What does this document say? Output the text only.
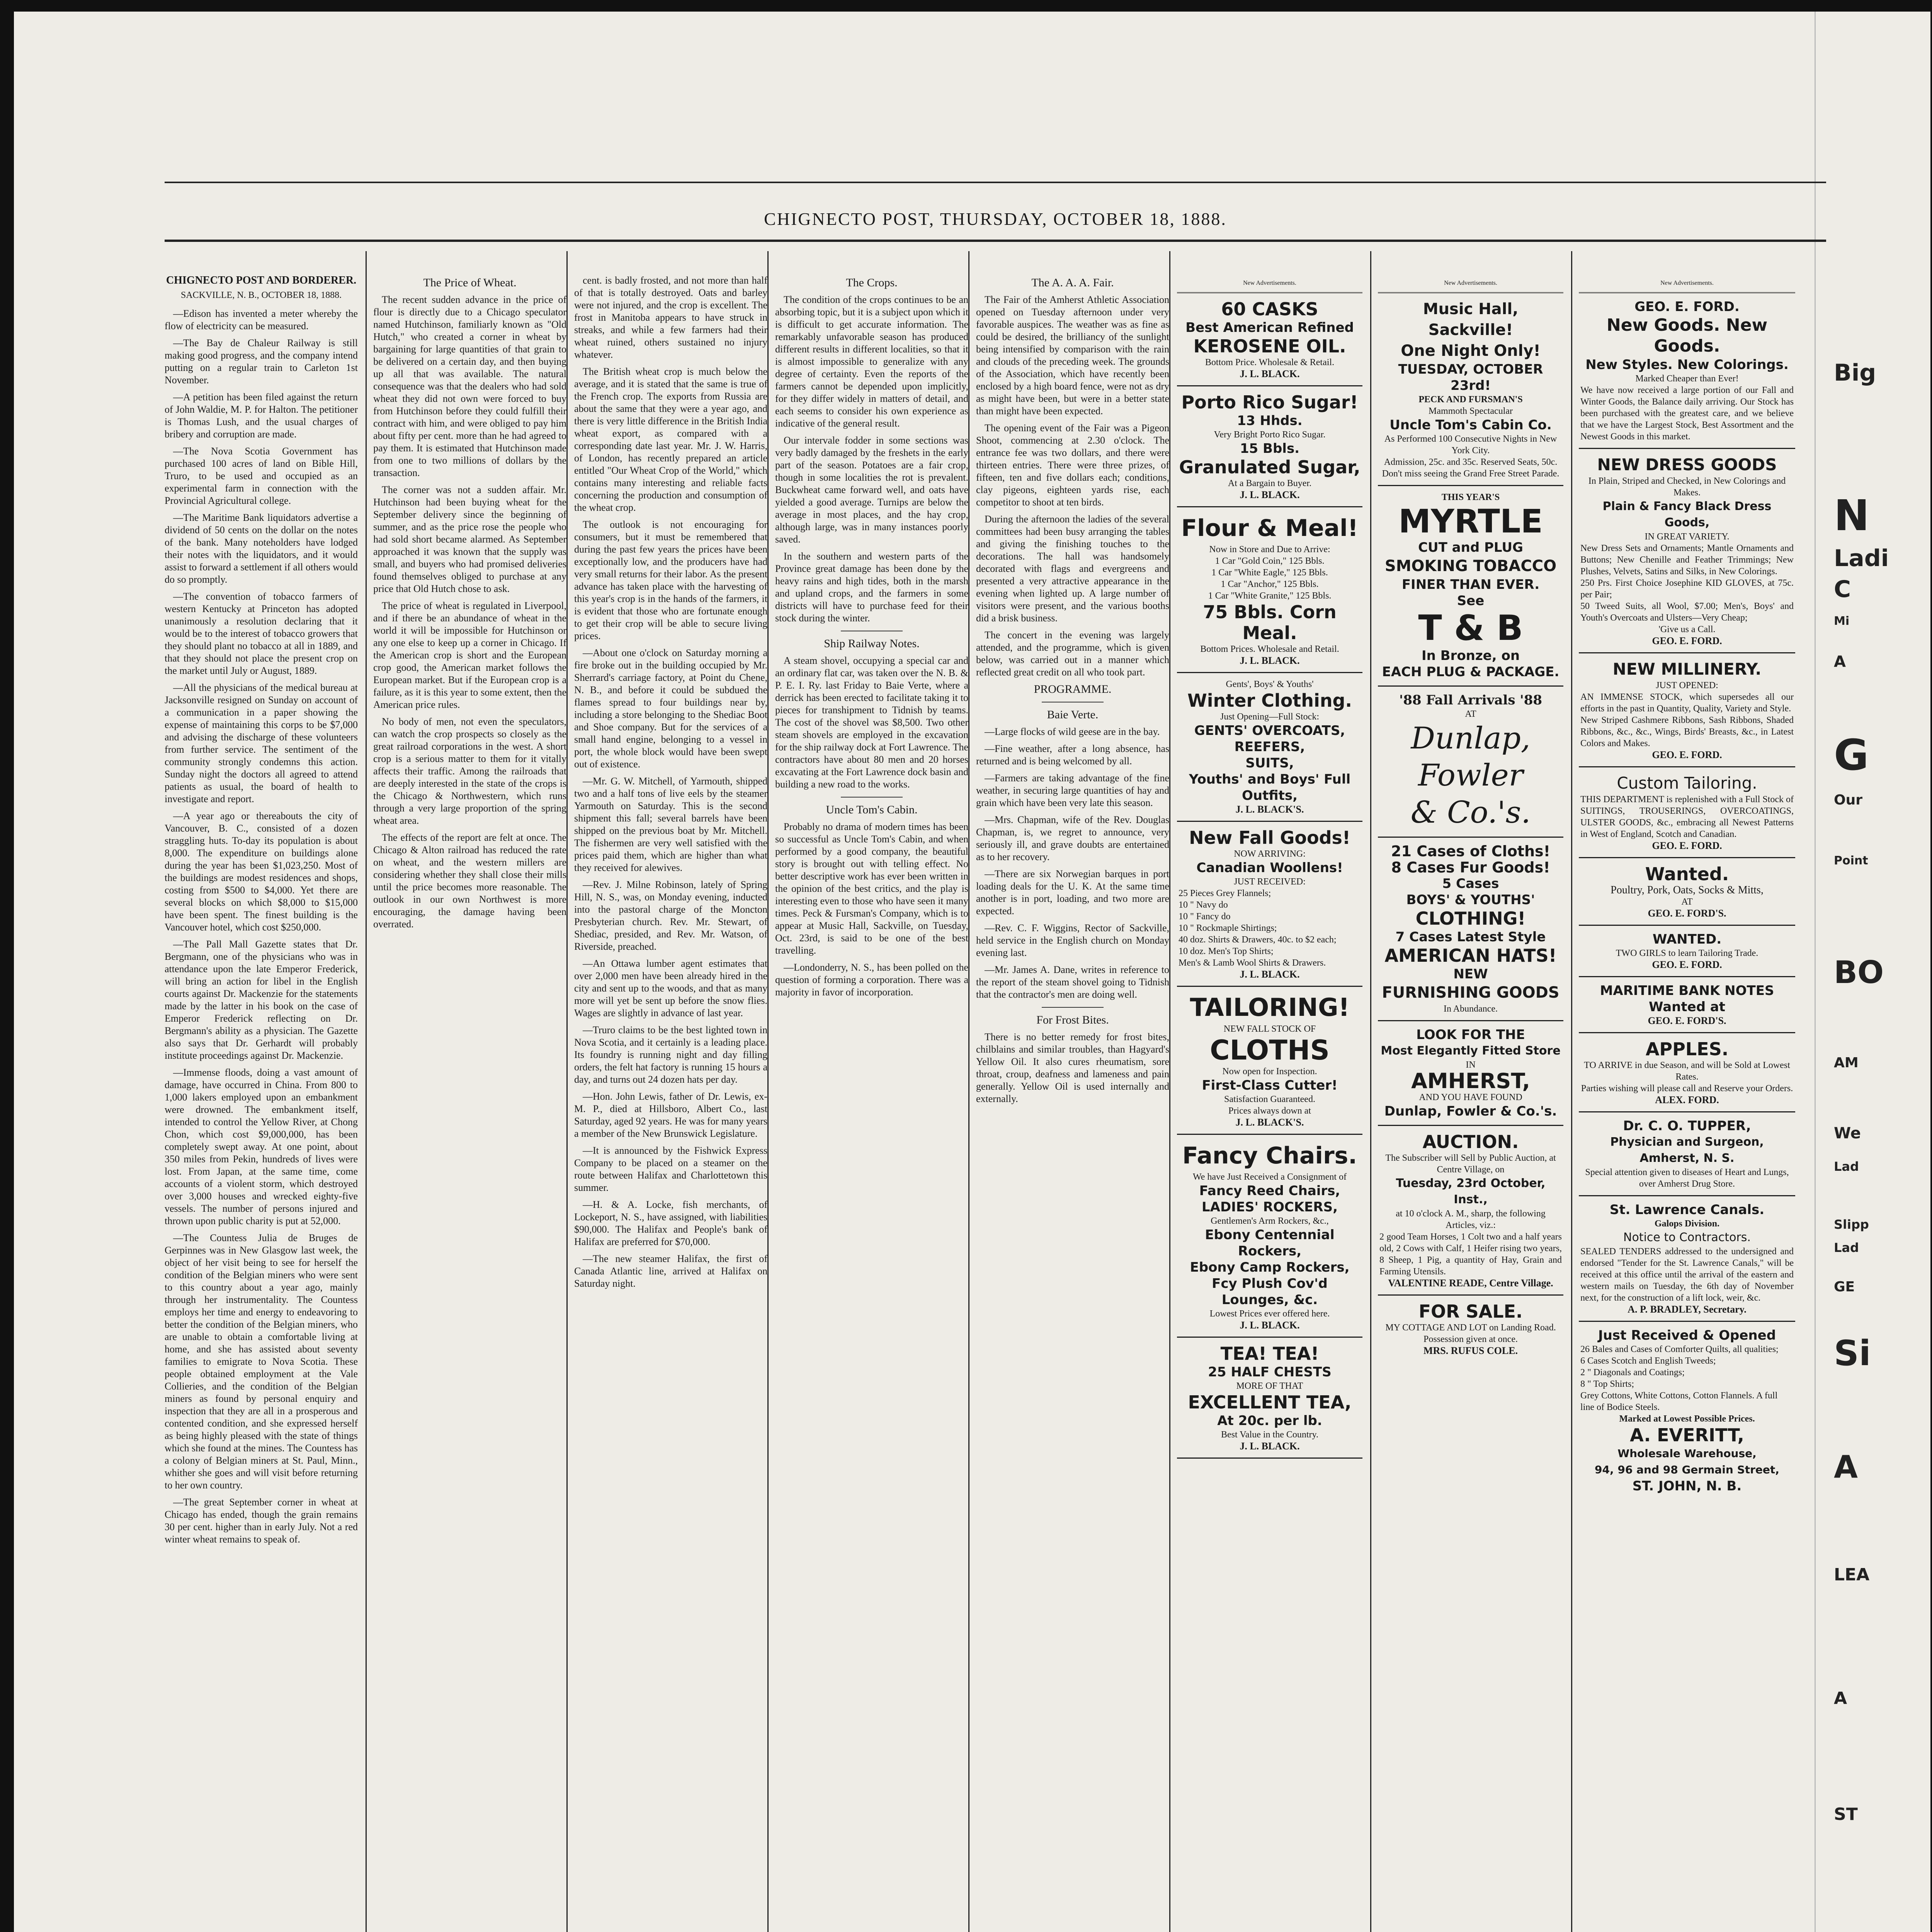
CHIGNECTO POST, THURSDAY, OCTOBER 18, 1888.

CHIGNECTO POST AND BORDERER.

SACKVILLE, N. B., OCTOBER 18, 1888.

—Edison has invented a meter whereby the flow of electricity can be measured.

—The Bay de Chaleur Railway is still making good progress, and the company intend putting on a regular train to Carleton 1st November.

—A petition has been filed against the return of John Waldie, M. P. for Halton. The petitioner is Thomas Lush, and the usual charges of bribery and corruption are made.

—The Nova Scotia Government has purchased 100 acres of land on Bible Hill, Truro, to be used and occupied as an experimental farm in connection with the Provincial Agricultural college.

—The Maritime Bank liquidators advertise a dividend of 50 cents on the dollar on the notes of the bank. Many noteholders have lodged their notes with the liquidators, and it would assist to forward a settlement if all others would do so promptly.

—The convention of tobacco farmers of western Kentucky at Princeton has adopted unanimously a resolution declaring that it would be to the interest of tobacco growers that they should plant no tobacco at all in 1889, and that they should not place the present crop on the market until July or August, 1889.

—All the physicians of the medical bureau at Jacksonville resigned on Sunday on account of a communication in a paper showing the expense of maintaining this corps to be $7,000 and advising the discharge of these volunteers from further service. The sentiment of the community strongly condemns this action. Sunday night the doctors all agreed to attend patients as usual, the board of health to investigate and report.

—A year ago or thereabouts the city of Vancouver, B. C., consisted of a dozen straggling huts. To-day its population is about 8,000. The expenditure on buildings alone during the year has been $1,023,250. Most of the buildings are modest residences and shops, costing from $500 to $4,000. Yet there are several blocks on which $8,000 to $15,000 have been spent. The finest building is the Vancouver hotel, which cost $250,000.

—The Pall Mall Gazette states that Dr. Bergmann, one of the physicians who was in attendance upon the late Emperor Frederick, will bring an action for libel in the English courts against Dr. Mackenzie for the statements made by the latter in his book on the case of Emperor Frederick reflecting on Dr. Bergmann's ability as a physician. The Gazette also says that Dr. Gerhardt will probably institute proceedings against Dr. Mackenzie.

—Immense floods, doing a vast amount of damage, have occurred in China. From 800 to 1,000 lakers employed upon an embankment were drowned. The embankment itself, intended to control the Yellow River, at Chong Chon, which cost $9,000,000, has been completely swept away. At one point, about 350 miles from Pekin, hundreds of lives were lost. From Japan, at the same time, come accounts of a violent storm, which destroyed over 3,000 houses and wrecked eighty-five vessels. The number of persons injured and thrown upon public charity is put at 52,000.

—The Countess Julia de Bruges de Gerpinnes was in New Glasgow last week, the object of her visit being to see for herself the condition of the Belgian miners who were sent to this country about a year ago, mainly through her instrumentality. The Countess employs her time and energy to endeavoring to better the condition of the Belgian miners, who are unable to obtain a comfortable living at home, and she has assisted about seventy families to emigrate to Nova Scotia. These people obtained employment at the Vale Collieries, and the condition of the Belgian miners as found by personal enquiry and inspection that they are all in a prosperous and contented condition, and she expressed herself as being highly pleased with the state of things which she found at the mines. The Countess has a colony of Belgian miners at St. Paul, Minn., whither she goes and will visit before returning to her own country.

—The great September corner in wheat at Chicago has ended, though the grain remains 30 per cent. higher than in early July. Not a red winter wheat remains to speak of.

The Price of Wheat.

The recent sudden advance in the price of flour is directly due to a Chicago speculator named Hutchinson, familiarly known as "Old Hutch," who created a corner in wheat by bargaining for large quantities of that grain to be delivered on a certain day, and then buying up all that was available. The natural consequence was that the dealers who had sold wheat they did not own were forced to buy from Hutchinson before they could fulfill their contract with him, and were obliged to pay him about fifty per cent. more than he had agreed to pay them. It is estimated that Hutchinson made from one to two millions of dollars by the transaction.

The corner was not a sudden affair. Mr. Hutchinson had been buying wheat for the September delivery since the beginning of summer, and as the price rose the people who had sold short became alarmed. As September approached it was known that the supply was small, and buyers who had promised deliveries found themselves obliged to purchase at any price that Old Hutch chose to ask.

The price of wheat is regulated in Liverpool, and if there be an abundance of wheat in the world it will be impossible for Hutchinson or any one else to keep up a corner in Chicago. If the American crop is short and the European crop good, the American market follows the European market. But if the European crop is a failure, as it is this year to some extent, then the American price rules.

No body of men, not even the speculators, can watch the crop prospects so closely as the great railroad corporations in the west. A short crop is a serious matter to them for it vitally affects their traffic. Among the railroads that are deeply interested in the state of the crops is the Chicago & Northwestern, which runs through a very large proportion of the spring wheat area.

The effects of the report are felt at once. The Chicago & Alton railroad has reduced the rate on wheat, and the western millers are considering whether they shall close their mills until the price becomes more reasonable. The outlook in our own Northwest is more encouraging, the damage having been overrated.

cent. is badly frosted, and not more than half of that is totally destroyed. Oats and barley were not injured, and the crop is excellent. The frost in Manitoba appears to have struck in streaks, and while a few farmers had their wheat ruined, others sustained no injury whatever.

The British wheat crop is much below the average, and it is stated that the same is true of the French crop. The exports from Russia are about the same that they were a year ago, and there is very little difference in the British India wheat export, as compared with a corresponding date last year. Mr. J. W. Harris, of London, has recently prepared an article entitled "Our Wheat Crop of the World," which contains many interesting and reliable facts concerning the production and consumption of the wheat crop.

The outlook is not encouraging for consumers, but it must be remembered that during the past few years the prices have been exceptionally low, and the producers have had very small returns for their labor. As the present advance has taken place with the harvesting of this year's crop is in the hands of the farmers, it is evident that those who are fortunate enough to get their crop will be able to secure living prices.

—About one o'clock on Saturday morning a fire broke out in the building occupied by Mr. Sherrard's carriage factory, at Point du Chene, N. B., and before it could be subdued the flames spread to four buildings near by, including a store belonging to the Shediac Boot and Shoe company. But for the services of a small hand engine, belonging to a vessel in port, the whole block would have been swept out of existence.

—Mr. G. W. Mitchell, of Yarmouth, shipped two and a half tons of live eels by the steamer Yarmouth on Saturday. This is the second shipment this fall; several barrels have been shipped on the previous boat by Mr. Mitchell. The fishermen are very well satisfied with the prices paid them, which are higher than what they received for alewives.

—Rev. J. Milne Robinson, lately of Spring Hill, N. S., was, on Monday evening, inducted into the pastoral charge of the Moncton Presbyterian church. Rev. Mr. Stewart, of Shediac, presided, and Rev. Mr. Watson, of Riverside, preached.

—An Ottawa lumber agent estimates that over 2,000 men have been already hired in the city and sent up to the woods, and that as many more will yet be sent up before the snow flies. Wages are slightly in advance of last year.

—Truro claims to be the best lighted town in Nova Scotia, and it certainly is a leading place. Its foundry is running night and day filling orders, the felt hat factory is running 15 hours a day, and turns out 24 dozen hats per day.

—Hon. John Lewis, father of Dr. Lewis, ex-M. P., died at Hillsboro, Albert Co., last Saturday, aged 92 years. He was for many years a member of the New Brunswick Legislature.

—It is announced by the Fishwick Express Company to be placed on a steamer on the route between Halifax and Charlottetown this summer.

—H. & A. Locke, fish merchants, of Lockeport, N. S., have assigned, with liabilities $90,000. The Halifax and People's bank of Halifax are preferred for $70,000.

—The new steamer Halifax, the first of Canada Atlantic line, arrived at Halifax on Saturday night.

The Crops.

The condition of the crops continues to be an absorbing topic, but it is a subject upon which it is difficult to get accurate information. The remarkably unfavorable season has produced different results in different localities, so that it is almost impossible to generalize with any degree of certainty. Even the reports of the farmers cannot be depended upon implicitly, for they differ widely in matters of detail, and each seems to consider his own experience as indicative of the general result.

Our intervale fodder in some sections was very badly damaged by the freshets in the early part of the season. Potatoes are a fair crop, though in some localities the rot is prevalent. Buckwheat came forward well, and oats have yielded a good average. Turnips are below the average in most places, and the hay crop, although large, was in many instances poorly saved.

In the southern and western parts of the Province great damage has been done by the heavy rains and high tides, both in the marsh and upland crops, and the farmers in some districts will have to purchase feed for their stock during the winter.

Ship Railway Notes.

A steam shovel, occupying a special car and an ordinary flat car, was taken over the N. B. & P. E. I. Ry. last Friday to Baie Verte, where a derrick has been erected to facilitate taking it to pieces for transhipment to Tidnish by teams. The cost of the shovel was $8,500. Two other steam shovels are employed in the excavation for the ship railway dock at Fort Lawrence. The contractors have about 80 men and 20 horses excavating at the Fort Lawrence dock basin and building a new road to the works.

Uncle Tom's Cabin.

Probably no drama of modern times has been so successful as Uncle Tom's Cabin, and when performed by a good company, the beautiful story is brought out with telling effect. No better descriptive work has ever been written in the opinion of the best critics, and the play is interesting even to those who have seen it many times. Peck & Fursman's Company, which is to appear at Music Hall, Sackville, on Tuesday, Oct. 23rd, is said to be one of the best travelling.

—Londonderry, N. S., has been polled on the question of forming a corporation. There was a majority in favor of incorporation.

The A. A. A. Fair.

The Fair of the Amherst Athletic Association opened on Tuesday afternoon under very favorable auspices. The weather was as fine as could be desired, the brilliancy of the sunlight being intensified by comparison with the rain and clouds of the preceding week. The grounds of the Association, which have recently been enclosed by a high board fence, were not as dry as might have been, but were in a better state than might have been expected.

The opening event of the Fair was a Pigeon Shoot, commencing at 2.30 o'clock. The entrance fee was two dollars, and there were thirteen entries. There were three prizes, of fifteen, ten and five dollars each; conditions, clay pigeons, eighteen yards rise, each competitor to shoot at ten birds.

During the afternoon the ladies of the several committees had been busy arranging the tables and giving the finishing touches to the decorations. The hall was handsomely decorated with flags and evergreens and presented a very attractive appearance in the evening when lighted up. A large number of visitors were present, and the various booths did a brisk business.

The concert in the evening was largely attended, and the programme, which is given below, was carried out in a manner which reflected great credit on all who took part.

PROGRAMME.

Baie Verte.

—Large flocks of wild geese are in the bay.

—Fine weather, after a long absence, has returned and is being welcomed by all.

—Farmers are taking advantage of the fine weather, in securing large quantities of hay and grain which have been very late this season.

—Mrs. Chapman, wife of the Rev. Douglas Chapman, is, we regret to announce, very seriously ill, and grave doubts are entertained as to her recovery.

—There are six Norwegian barques in port loading deals for the U. K. At the same time another is in port, loading, and two more are expected.

—Rev. C. F. Wiggins, Rector of Sackville, held service in the English church on Monday evening last.

—Mr. James A. Dane, writes in reference to the report of the steam shovel going to Tidnish that the contractor's men are doing well.

For Frost Bites.

There is no better remedy for frost bites, chilblains and similar troubles, than Hagyard's Yellow Oil. It also cures rheumatism, sore throat, croup, deafness and lameness and pain generally. Yellow Oil is used internally and externally.

New Advertisements.
60 CASKS
Best American Refined
KEROSENE OIL.
Bottom Price. Wholesale & Retail.
J. L. BLACK.
Porto Rico Sugar!
13 Hhds.
Very Bright Porto Rico Sugar.
15 Bbls.
Granulated Sugar,
At a Bargain to Buyer.
J. L. BLACK.
Flour & Meal!
Now in Store and Due to Arrive:
1 Car "Gold Coin," 125 Bbls.
1 Car "White Eagle," 125 Bbls.
1 Car "Anchor," 125 Bbls.
1 Car "White Granite," 125 Bbls.
75 Bbls. Corn Meal.
Bottom Prices. Wholesale and Retail.
J. L. BLACK.
Gents', Boys' & Youths'
Winter Clothing.
Just Opening—Full Stock:
GENTS' OVERCOATS,
REEFERS,
SUITS,
Youths' and Boys' Full Outfits,
J. L. BLACK'S.
New Fall Goods!
NOW ARRIVING:
Canadian Woollens!
JUST RECEIVED:
25 Pieces Grey Flannels;
10 " Navy do
10 " Fancy do
10 " Rockmaple Shirtings;
40 doz. Shirts & Drawers, 40c. to $2 each;
10 doz. Men's Top Shirts;
Men's & Lamb Wool Shirts & Drawers.
J. L. BLACK.
TAILORING!
NEW FALL STOCK OF
CLOTHS
Now open for Inspection.
First-Class Cutter!
Satisfaction Guaranteed.
Prices always down at
J. L. BLACK'S.
Fancy Chairs.
We have Just Received a Consignment of
Fancy Reed Chairs,
LADIES' ROCKERS,
Gentlemen's Arm Rockers, &c.,
Ebony Centennial Rockers,
Ebony Camp Rockers,
Fcy Plush Cov'd Lounges, &c.
Lowest Prices ever offered here.
J. L. BLACK.
TEA! TEA!
25 HALF CHESTS
MORE OF THAT
EXCELLENT TEA,
At 20c. per lb.
Best Value in the Country.
J. L. BLACK.
New Advertisements.
Music Hall, Sackville!
One Night Only!
TUESDAY, OCTOBER 23rd!
PECK AND FURSMAN'S
Mammoth Spectacular
Uncle Tom's Cabin Co.
As Performed 100 Consecutive Nights in New York City.
Admission, 25c. and 35c. Reserved Seats, 50c.
Don't miss seeing the Grand Free Street Parade.
THIS YEAR'S
MYRTLE
CUT and PLUG
SMOKING TOBACCO
FINER THAN EVER.
See
T & B
In Bronze, on
EACH PLUG & PACKAGE.
'88 Fall Arrivals '88
AT
Dunlap,
Fowler
& Co.'s.
21 Cases of Cloths!
8 Cases Fur Goods!
5 Cases
BOYS' & YOUTHS'
CLOTHING!
7 Cases Latest Style
AMERICAN HATS!
NEW
FURNISHING GOODS
In Abundance.
LOOK FOR THE
Most Elegantly Fitted Store
IN
AMHERST,
AND YOU HAVE FOUND
Dunlap, Fowler & Co.'s.
AUCTION.
The Subscriber will Sell by Public Auction, at Centre Village, on
Tuesday, 23rd October, Inst.,
at 10 o'clock A. M., sharp, the following Articles, viz.:
2 good Team Horses, 1 Colt two and a half years old, 2 Cows with Calf, 1 Heifer rising two years, 8 Sheep, 1 Pig, a quantity of Hay, Grain and Farming Utensils.
VALENTINE READE, Centre Village.
FOR SALE.
MY COTTAGE AND LOT on Landing Road. Possession given at once.
MRS. RUFUS COLE.
New Advertisements.
GEO. E. FORD.
New Goods. New Goods.
New Styles. New Colorings.
Marked Cheaper than Ever!
We have now received a large portion of our Fall and Winter Goods, the Balance daily arriving. Our Stock has been purchased with the greatest care, and we believe that we have the Largest Stock, Best Assortment and the Newest Goods in this market.
NEW DRESS GOODS
In Plain, Striped and Checked, in New Colorings and Makes.
Plain & Fancy Black Dress Goods,
IN GREAT VARIETY.
New Dress Sets and Ornaments; Mantle Ornaments and Buttons; New Chenille and Feather Trimmings; New Plushes, Velvets, Satins and Silks, in New Colorings.
250 Prs. First Choice Josephine KID GLOVES, at 75c. per Pair;
50 Tweed Suits, all Wool, $7.00; Men's, Boys' and Youth's Overcoats and Ulsters—Very Cheap;
'Give us a Call.
GEO. E. FORD.
NEW MILLINERY.
JUST OPENED:
AN IMMENSE STOCK, which supersedes all our efforts in the past in Quantity, Quality, Variety and Style.
New Striped Cashmere Ribbons, Sash Ribbons, Shaded Ribbons, &c., &c., Wings, Birds' Breasts, &c., in Latest Colors and Makes.
GEO. E. FORD.
Custom Tailoring.
THIS DEPARTMENT is replenished with a Full Stock of SUITINGS, TROUSERINGS, OVERCOATINGS, ULSTER GOODS, &c., embracing all Newest Patterns in West of England, Scotch and Canadian.
GEO. E. FORD.
Wanted.
Poultry, Pork, Oats, Socks & Mitts,
AT
GEO. E. FORD'S.
WANTED.
TWO GIRLS to learn Tailoring Trade.
GEO. E. FORD.
MARITIME BANK NOTES
Wanted at
GEO. E. FORD'S.
APPLES.
TO ARRIVE in due Season, and will be Sold at Lowest Rates.
Parties wishing will please call and Reserve your Orders.
ALEX. FORD.
Dr. C. O. TUPPER,
Physician and Surgeon,
Amherst, N. S.
Special attention given to diseases of Heart and Lungs, over Amherst Drug Store.
St. Lawrence Canals.
Galops Division.
Notice to Contractors.
SEALED TENDERS addressed to the undersigned and endorsed "Tender for the St. Lawrence Canals," will be received at this office until the arrival of the eastern and western mails on Tuesday, the 6th day of November next, for the construction of a lift lock, weir, &c.
A. P. BRADLEY, Secretary.
Just Received & Opened
26 Bales and Cases of Comforter Quilts, all qualities;
6 Cases Scotch and English Tweeds;
2 " Diagonals and Coatings;
8 " Top Shirts;
Grey Cottons, White Cottons, Cotton Flannels. A full line of Bodice Steels.
Marked at Lowest Possible Prices.
A. EVERITT,
Wholesale Warehouse,
94, 96 and 98 Germain Street,
ST. JOHN, N. B.
Big
N
Ladi
C
Mi
A
G
Our
Point
BO
AM
We
Lad
Slipp
Lad
GE
Si
A
LEA
A
ST
